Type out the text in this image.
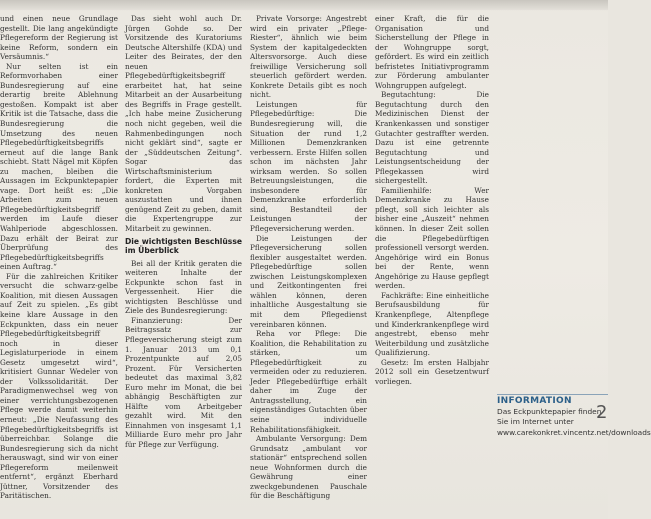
und einen neue Grundlage gestellt. Die lang angekündigte Pflegereform der Regierung ist keine Reform, sondern ein Versäumnis.“

Nur selten ist ein Reformvorhaben einer Bundesregierung auf eine derartig breite Ablehnung gestoßen. Kompakt ist aber Kritik ist die Tatsache, dass die Bundesregierung die Umsetzung des neuen Pflegebedürftigkeitsbegriffs erneut auf die lange Bank schiebt. Statt Nägel mit Köpfen zu machen, bleiben die Aussagen im Eckpunktepapier vage. Dort heißt es: „Die Arbeiten zum neuen Pflegebedürftigkeitsbegriff werden im Laufe dieser Wahlperiode abgeschlossen. Dazu erhält der Beirat zur Überprüfung des Pflegebedürftigkeitsbegriffs einen Auftrag.“

Für die zahlreichen Kritiker versucht die schwarz-gelbe Koalition, mit diesen Aussagen auf Zeit zu spielen. „Es gibt keine klare Aussage in den Eckpunkten, dass ein neuer Pflegebedürftigkeitsbegriff noch in dieser Legislaturperiode in einem Gesetz umgesetzt wird“, kritisiert Gunnar Wedeler von der Volkssolidarität. Der Paradigmenwechsel weg von einer verrichtungsbezogenen Pflege werde damit weiterhin erneut: „Die Neufassung des Pflegebedürftigkeitsbegriffs ist überreichbar. Solange die Bundesregierung sich da nicht herauswagt, sind wir von einer Pflegereform meilenweit entfernt“, ergänzt Eberhard Jüttner, Vorsitzender des Paritätischen.

Das sieht wohl auch Dr. Jürgen Gohde so. Der Vorsitzende des Kuratoriums Deutsche Altershilfe (KDA) und Leiter des Beirates, der den neuen Pflegebedürftigkeitsbegriff erarbeitet hat, hat seine Mitarbeit an der Ausarbeitung des Begriffs in Frage gestellt. „Ich habe meine Zusicherung noch nicht gegeben, weil die Rahmenbedingungen noch nicht geklärt sind“, sagte er der „Süddeutschen Zeitung“. Sogar das Wirtschaftsministerium fordert, die Experten mit konkreten Vorgaben auszustatten und ihnen genügend Zeit zu geben, damit die Expertengruppe zur Mitarbeit zu gewinnen.

Die wichtigsten Beschlüsse im Überblick

Bei all der Kritik geraten die weiteren Inhalte der Eckpunkte schon fast in Vergessenheit. Hier die wichtigsten Beschlüsse und Ziele des Bundesregierung:

Finanzierung: Der Beitragssatz zur Pflegeversicherung steigt zum 1. Januar 2013 um 0,1 Prozentpunkte auf 2,05 Prozent. Für Versicherten bedeutet das maximal 3,82 Euro mehr im Monat, die bei abhängig Beschäftigten zur Hälfte vom Arbeitgeber gezahlt wird. Mit den Einnahmen von insgesamt 1,1 Milliarde Euro mehr pro Jahr für Pflege zur Verfügung.

Private Vorsorge: Angestrebt wird ein privater „Pflege-Riester“, ähnlich wie beim System der kapitalgedeckten Altersvorsorge. Auch diese freiwillige Versicherung soll steuerlich gefördert werden. Konkrete Details gibt es noch nicht.

Leistungen für Pflegebedürftige: Die Bundesregierung will, die Situation der rund 1,2 Millionen Demenzkranken verbessern. Erste Hilfen sollen schon im nächsten Jahr wirksam werden. So sollen Betreuungsleistungen, die insbesondere für Demenzkranke erforderlich sind, Bestandteil der Leistungen der Pflegeversicherung werden.

Die Leistungen der Pflegeversicherung sollen flexibler ausgestaltet werden. Pflegebedürftige sollen zwischen Leistungskomplexen und Zeitkontingenten frei wählen können, deren inhaltliche Ausgestaltung sie mit dem Pflegedienst vereinbaren können.

Reha vor Pflege: Die Koalition, die Rehabilitation zu stärken, um Pflegebedürftigkeit zu vermeiden oder zu reduzieren. Jeder Pflegebedürftige erhält daher im Zuge der Antragsstellung, ein eigenständiges Gutachten über seine individuelle Rehabilitationsfähigkeit.

Ambulante Versorgung: Dem Grundsatz „ambulant vor stationär“ entsprechend sollen neue Wohnformen durch die Gewährung einer zweckgebundenen Pauschale für die Beschäftigung

einer Kraft, die für die Organisation und Sicherstellung der Pflege in der Wohngruppe sorgt, gefördert. Es wird ein zeitlich befristetes Initiativprogramm zur Förderung ambulanter Wohngruppen aufgelegt.

Begutachtung: Die Begutachtung durch den Medizinischen Dienst der Krankenkassen und sonstiger Gutachter gestraffter werden. Dazu ist eine getrennte Begutachtung und Leistungsentscheidung der Pflegekassen wird sichergestellt.

Familienhilfe: Wer Demenzkranke zu Hause pflegt, soll sich leichter als bisher eine „Auszeit“ nehmen können. In dieser Zeit sollen die Pflegebedürftigen professionell versorgt werden. Angehörige wird ein Bonus bei der Rente, wenn Angehörige zu Hause gepflegt werden.

Fachkräfte: Eine einheitliche Berufsausbildung für Krankenpflege, Altenpflege und Kinderkrankenpflege wird angestrebt, ebenso mehr Weiterbildung und zusätzliche Qualifizierung.

Gesetz: Im ersten Halbjahr 2012 soll ein Gesetzentwurf vorliegen.

INFORMATION
Das Eckpunktepapier finden Sie im Internet unter www.carekonkret.vincentz.net/downloads
2
